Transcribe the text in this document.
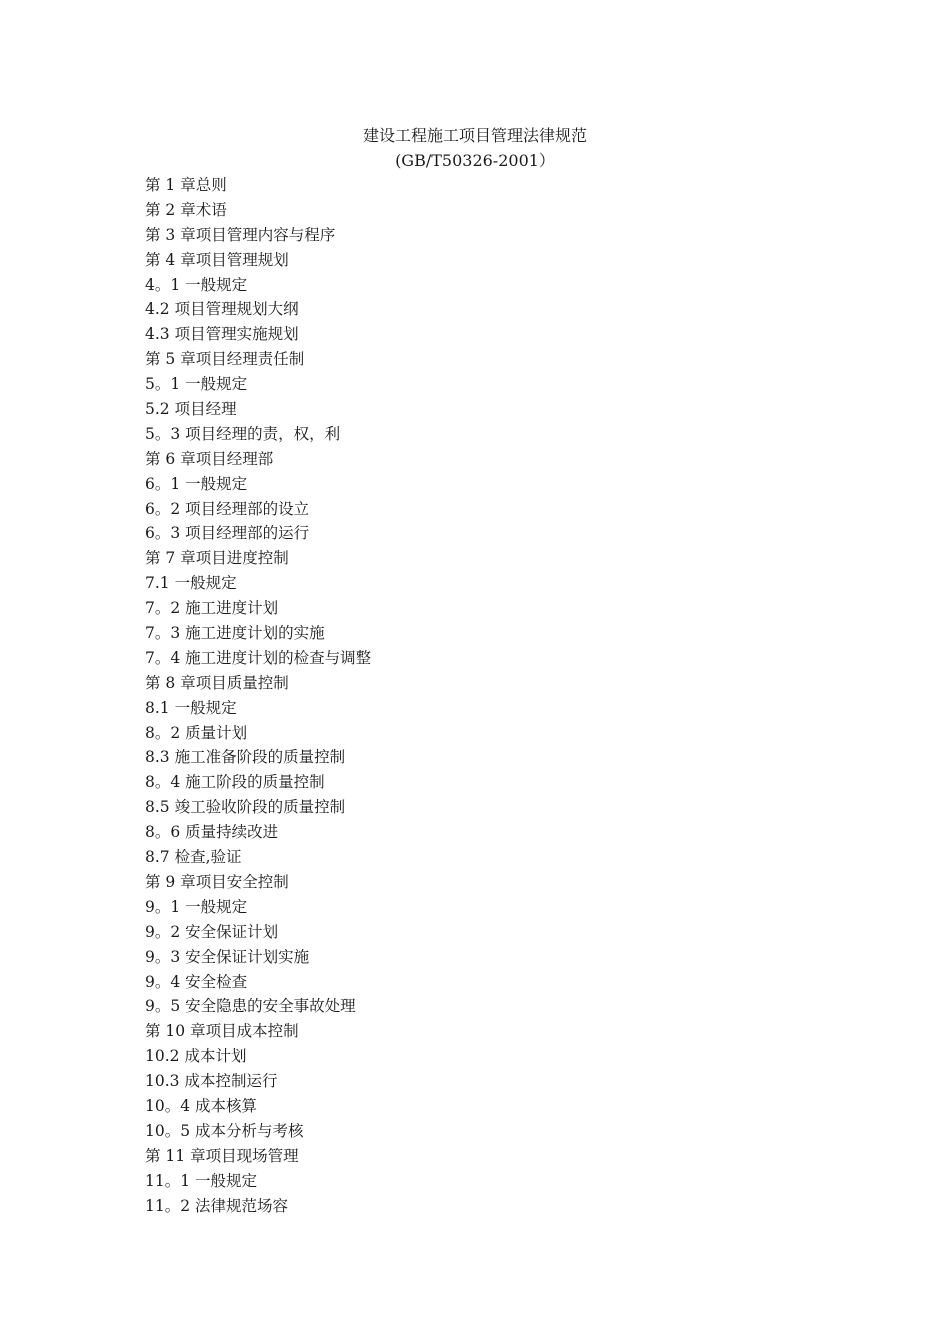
建设工程施工项目管理法律规范
(GB/T50326-2001）
第 1 章总则
第 2 章术语
第 3 章项目管理内容与程序
第 4 章项目管理规划
4。1 一般规定
4.2 项目管理规划大纲
4.3 项目管理实施规划
第 5 章项目经理责任制
5。1 一般规定
5.2 项目经理
5。3 项目经理的责，权，利
第 6 章项目经理部
6。1 一般规定
6。2 项目经理部的设立
6。3 项目经理部的运行
第 7 章项目进度控制
7.1 一般规定
7。2 施工进度计划
7。3 施工进度计划的实施
7。4 施工进度计划的检查与调整
第 8 章项目质量控制
8.1 一般规定
8。2 质量计划
8.3 施工准备阶段的质量控制
8。4 施工阶段的质量控制
8.5 竣工验收阶段的质量控制
8。6 质量持续改进
8.7 检查,验证
第 9 章项目安全控制
9。1 一般规定
9。2 安全保证计划
9。3 安全保证计划实施
9。4 安全检查
9。5 安全隐患的安全事故处理
第 10 章项目成本控制
10.2 成本计划
10.3 成本控制运行
10。4 成本核算
10。5 成本分析与考核
第 11 章项目现场管理
11。1 一般规定
11。2 法律规范场容
